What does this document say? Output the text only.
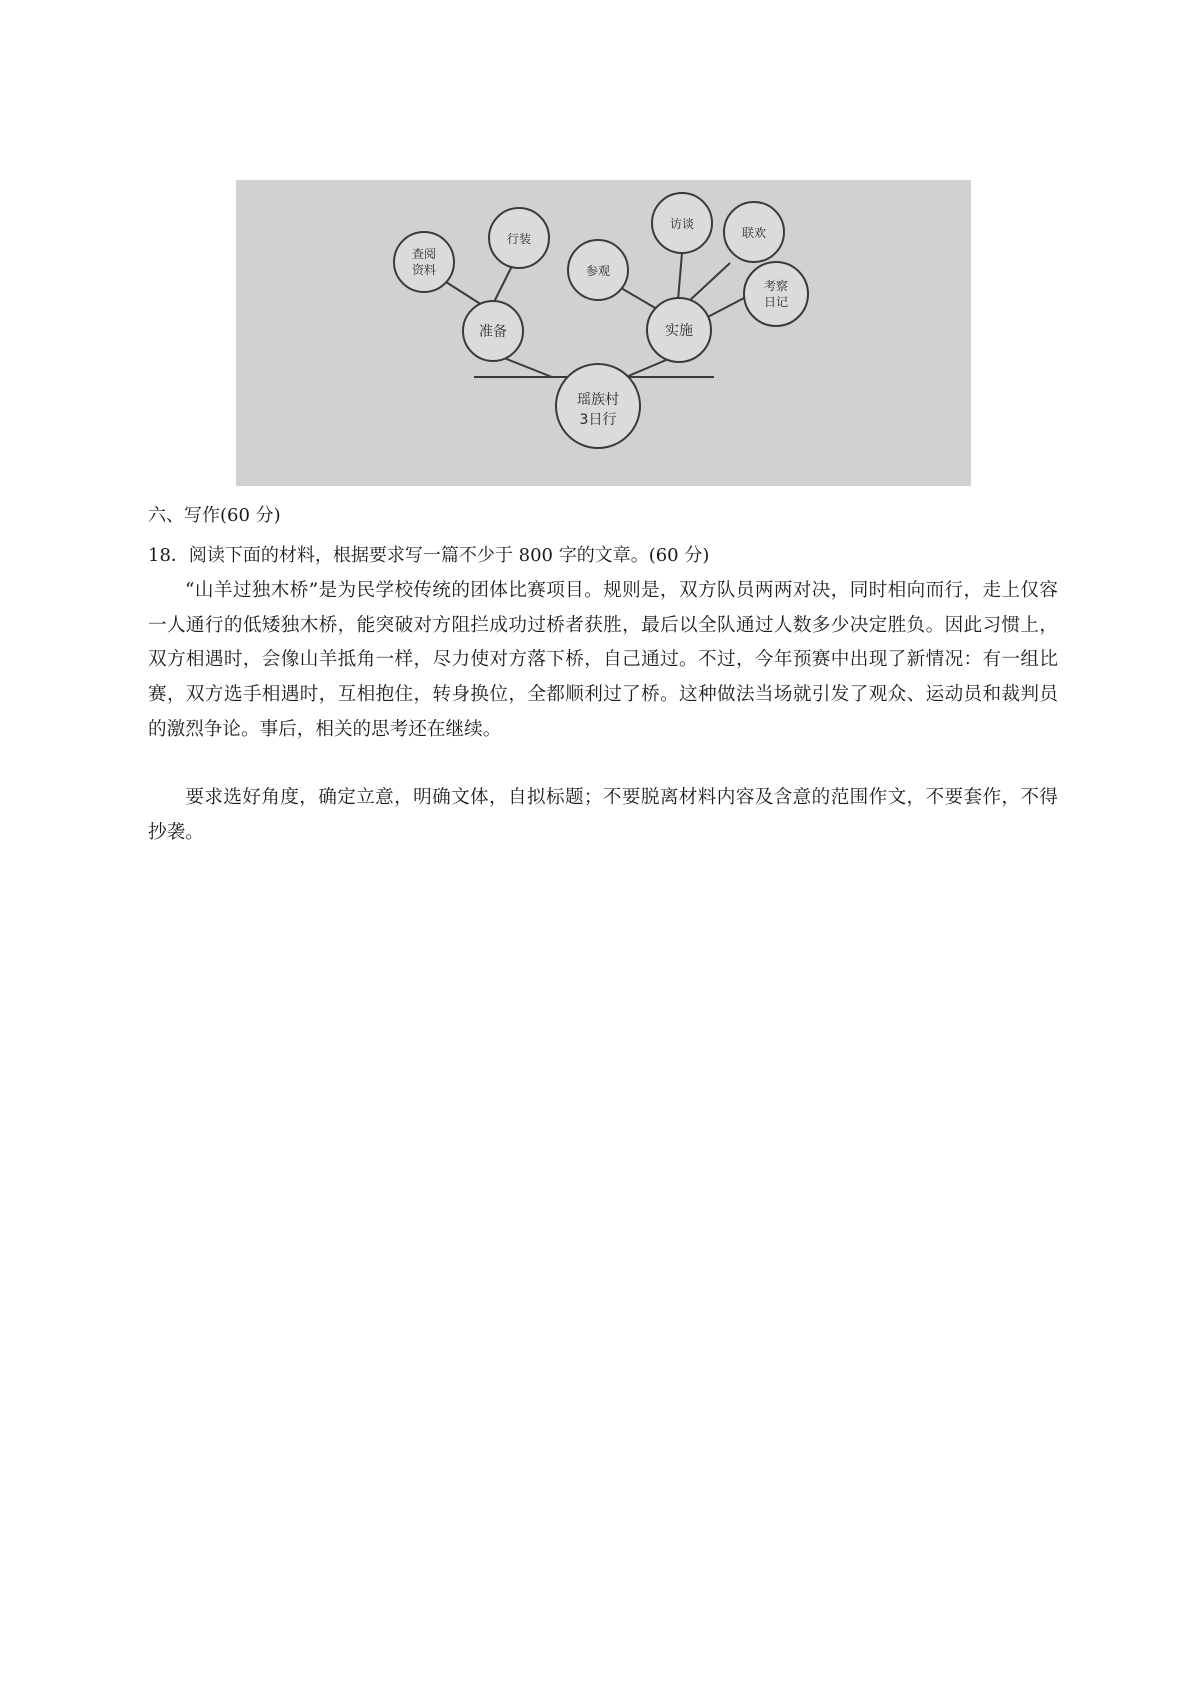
瑶族村
3日行
准备	实施
查阅
资料
行装
参观
访谈
联欢
考察
日记
六、写作(60 分)
18．阅读下面的材料，根据要求写一篇不少于 800 字的文章。(60 分)
“山羊过独木桥”是为民学校传统的团体比赛项目。规则是，双方队员两两对决，同时相向而行，走上仅容一人通行的低矮独木桥，能突破对方阻拦成功过桥者获胜，最后以全队通过人数多少决定胜负。因此习惯上，双方相遇时，会像山羊抵角一样，尽力使对方落下桥，自己通过。不过，今年预赛中出现了新情况：有一组比赛，双方选手相遇时，互相抱住，转身换位，全都顺利过了桥。这种做法当场就引发了观众、运动员和裁判员的激烈争论。事后，相关的思考还在继续。
要求选好角度，确定立意，明确文体，自拟标题；不要脱离材料内容及含意的范围作文，不要套作，不得抄袭。
